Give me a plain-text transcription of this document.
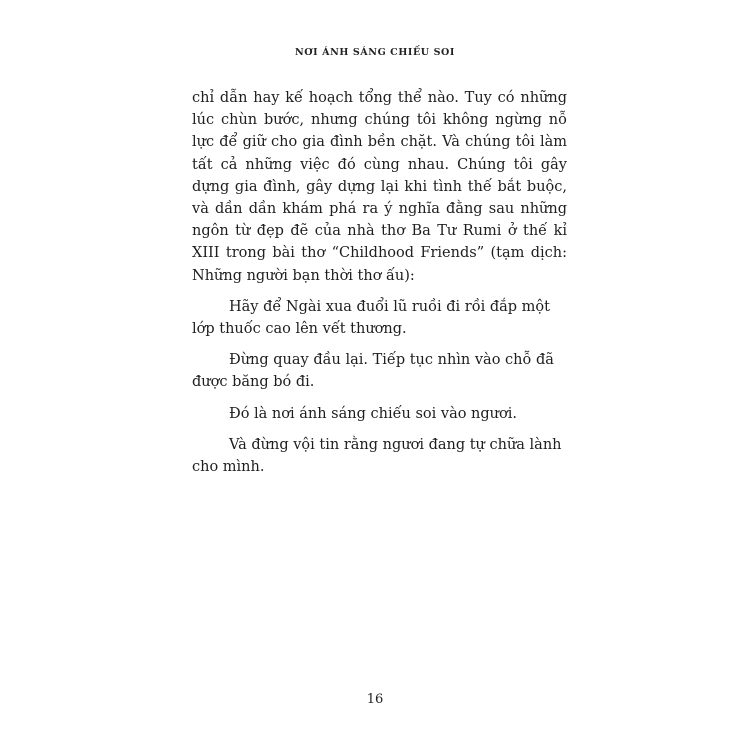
NƠI ÁNH SÁNG CHIẾU SOI

chỉ dẫn hay kế hoạch tổng thể nào. Tuy có những lúc chùn bước, nhưng chúng tôi không ngừng nỗ lực để giữ cho gia đình bền chặt. Và chúng tôi làm tất cả những việc đó cùng nhau. Chúng tôi gây dựng gia đình, gây dựng lại khi tình thế bắt buộc, và dần dần khám phá ra ý nghĩa đằng sau những ngôn từ đẹp đẽ của nhà thơ Ba Tư Rumi ở thế kỉ XIII trong bài thơ “Childhood Friends” (tạm dịch: Những người bạn thời thơ ấu):

Hãy để Ngài xua đuổi lũ ruồi đi rồi đắp một lớp thuốc cao lên vết thương.

Đừng quay đầu lại. Tiếp tục nhìn vào chỗ đã được băng bó đi.

Đó là nơi ánh sáng chiếu soi vào ngươi.

Và đừng vội tin rằng ngươi đang tự chữa lành cho mình.

16
